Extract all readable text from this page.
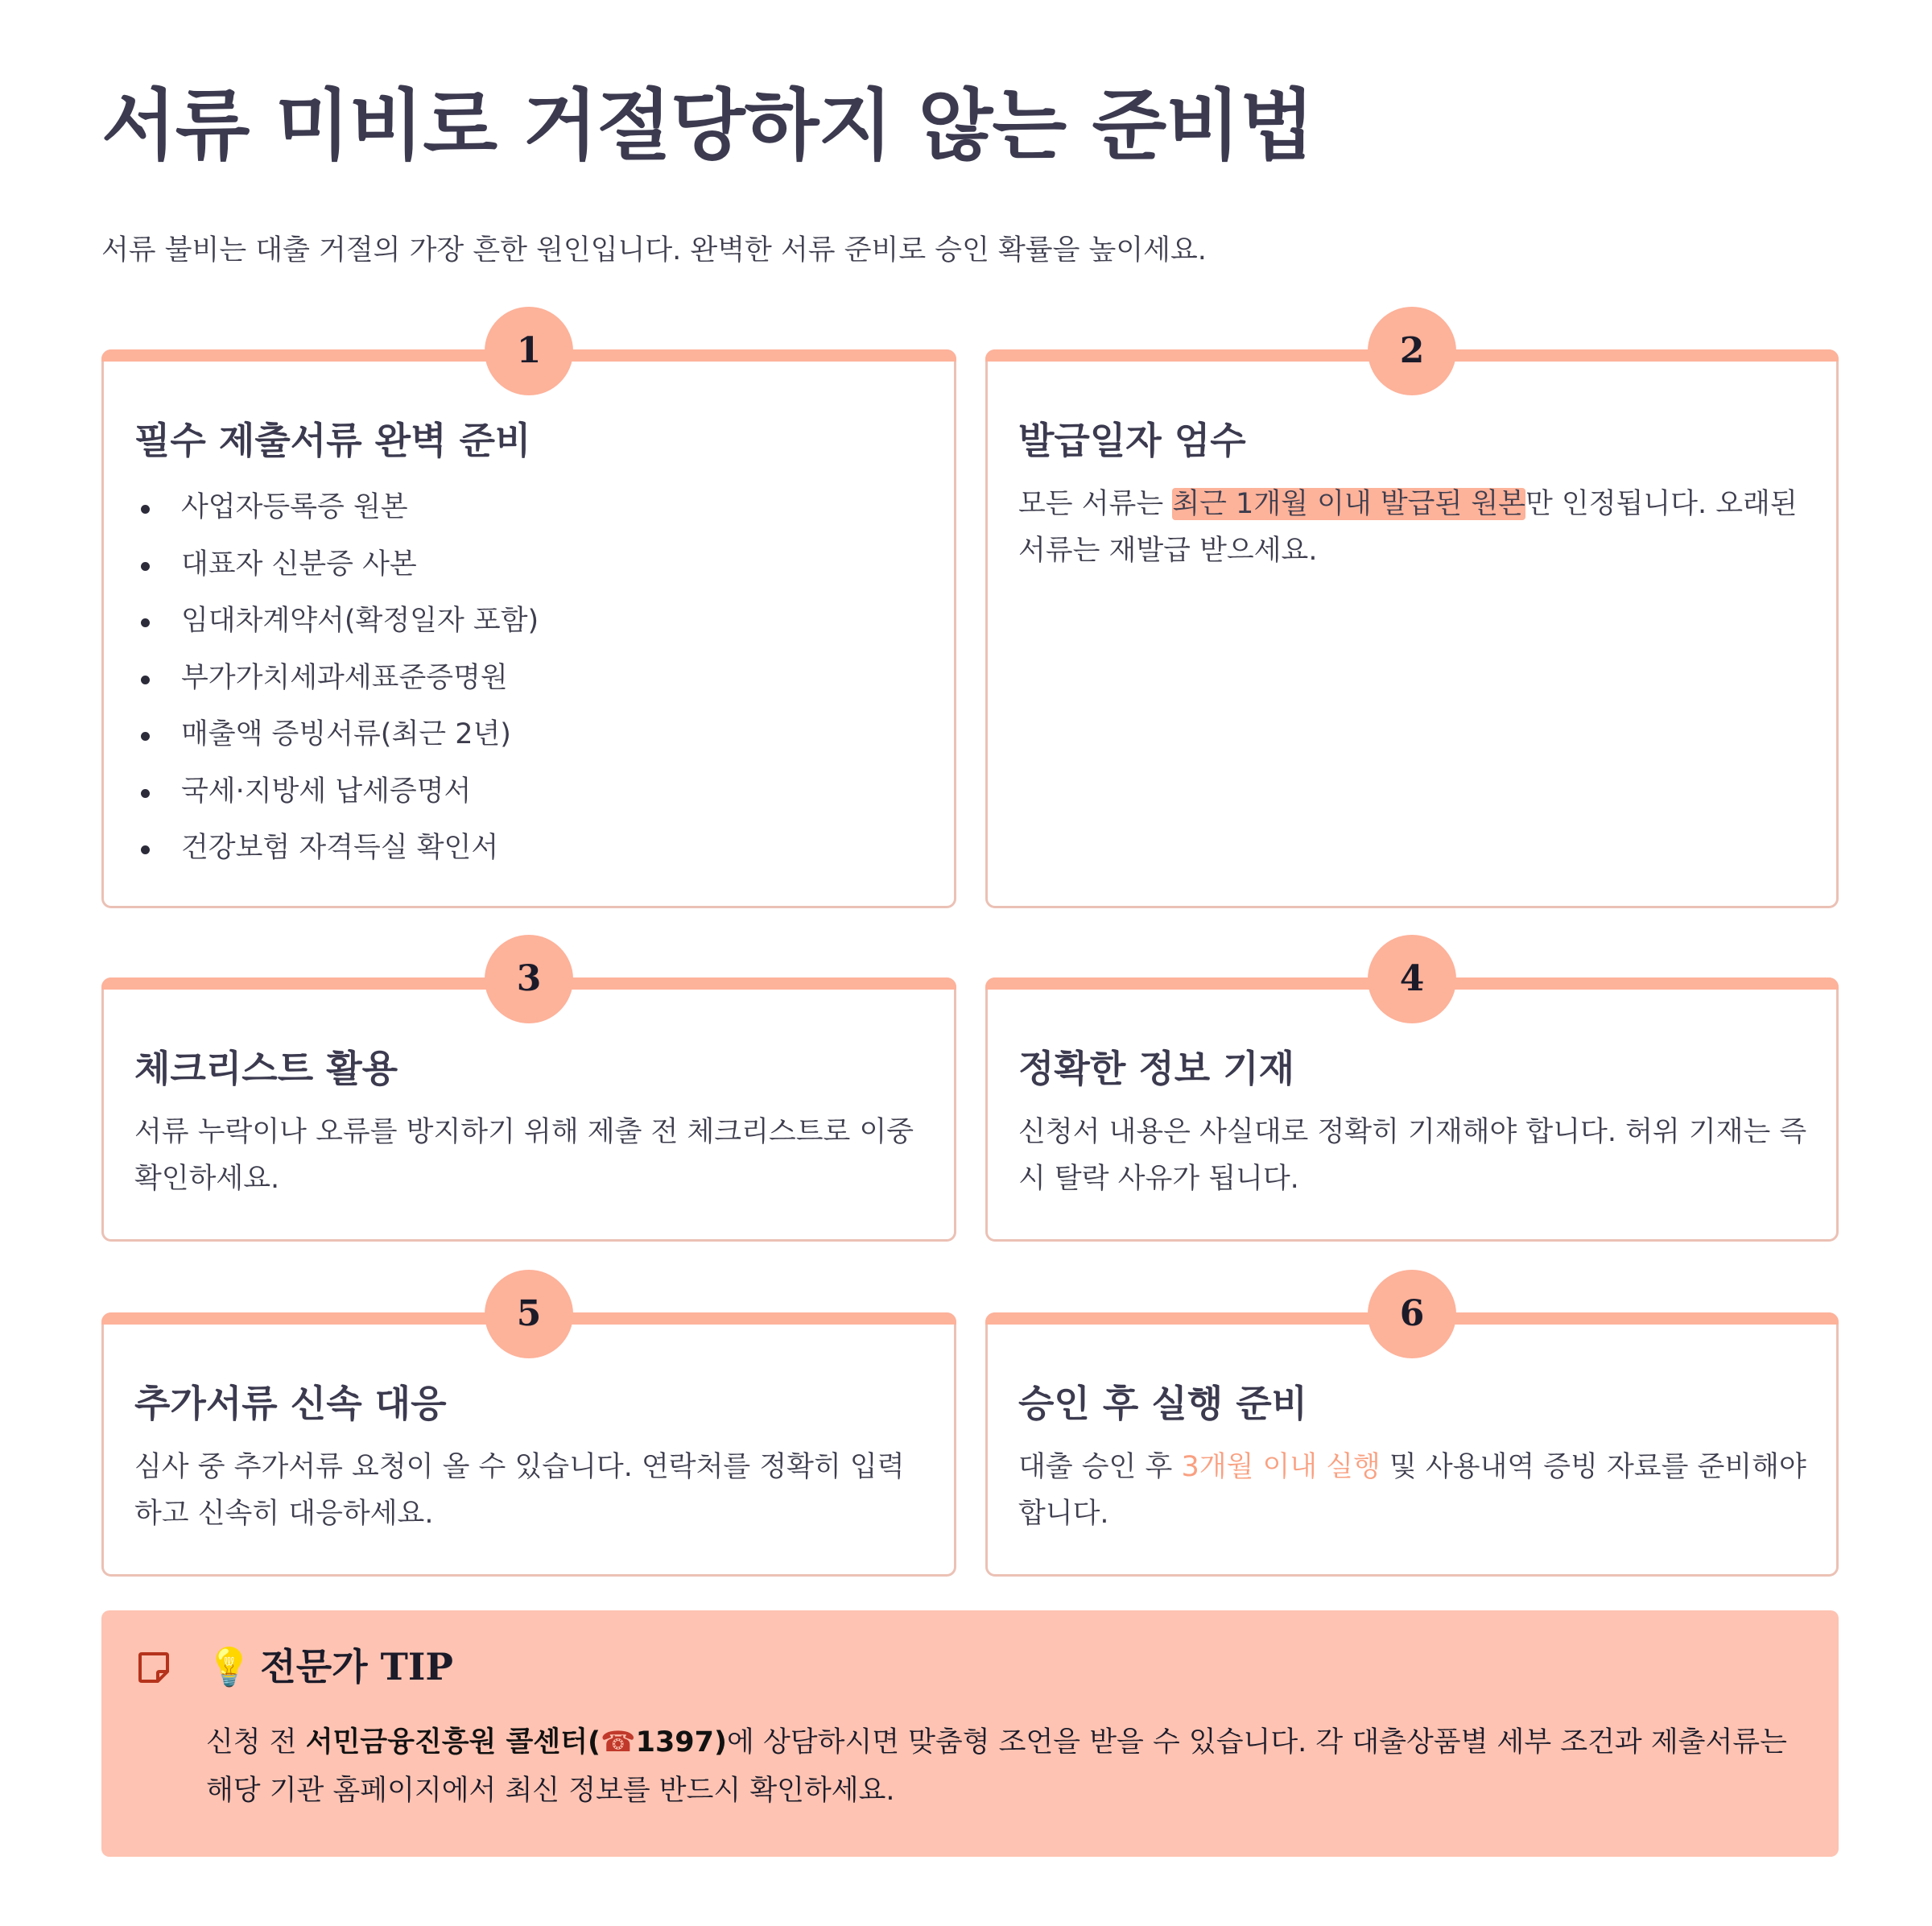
서류 미비로 거절당하지 않는 준비법

서류 불비는 대출 거절의 가장 흔한 원인입니다. 완벽한 서류 준비로 승인 확률을 높이세요.

1
필수 제출서류 완벽 준비
사업자등록증 원본
대표자 신분증 사본
임대차계약서(확정일자 포함)
부가가치세과세표준증명원
매출액 증빙서류(최근 2년)
국세·지방세 납세증명서
건강보험 자격득실 확인서
2
발급일자 엄수

모든 서류는 최근 1개월 이내 발급된 원본만 인정됩니다. 오래된 서류는 재발급 받으세요.

3
체크리스트 활용

서류 누락이나 오류를 방지하기 위해 제출 전 체크리스트로 이중 확인하세요.

4
정확한 정보 기재

신청서 내용은 사실대로 정확히 기재해야 합니다. 허위 기재는 즉시 탈락 사유가 됩니다.

5
추가서류 신속 대응

심사 중 추가서류 요청이 올 수 있습니다. 연락처를 정확히 입력하고 신속히 대응하세요.

6
승인 후 실행 준비

대출 승인 후 3개월 이내 실행 및 사용내역 증빙 자료를 준비해야 합니다.

💡 전문가 TIP

신청 전 서민금융진흥원 콜센터(☎1397)에 상담하시면 맞춤형 조언을 받을 수 있습니다. 각 대출상품별 세부 조건과 제출서류는 해당 기관 홈페이지에서 최신 정보를 반드시 확인하세요.
